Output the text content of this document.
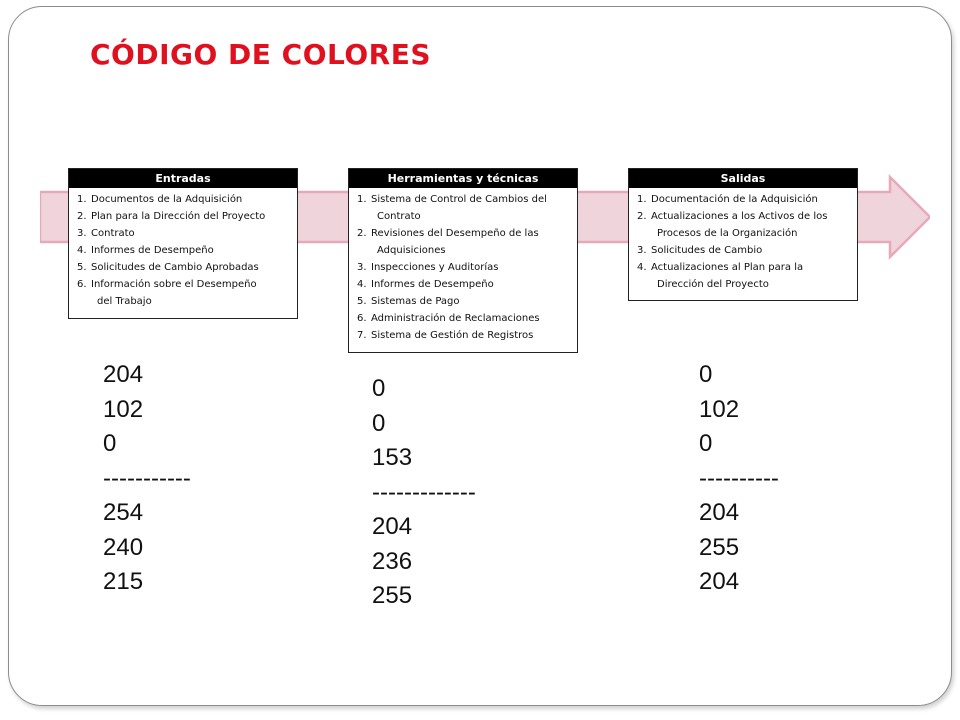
CÓDIGO DE COLORES
Entradas
1. Documentos de la Adquisición
2. Plan para la Dirección del Proyecto
3. Contrato
4. Informes de Desempeño
5. Solicitudes de Cambio Aprobadas
6. Información sobre el Desempeño
del Trabajo
Herramientas y técnicas
1. Sistema de Control de Cambios del
Contrato
2. Revisiones del Desempeño de las
Adquisiciones
3. Inspecciones y Auditorías
4. Informes de Desempeño
5. Sistemas de Pago
6. Administración de Reclamaciones
7. Sistema de Gestión de Registros
Salidas
1. Documentación de la Adquisición
2. Actualizaciones a los Activos de los
Procesos de la Organización
3. Solicitudes de Cambio
4. Actualizaciones al Plan para la
Dirección del Proyecto
204
102
0
-----------
254
240
215
0
0
153
-------------
204
236
255
0
102
0
----------
204
255
204
